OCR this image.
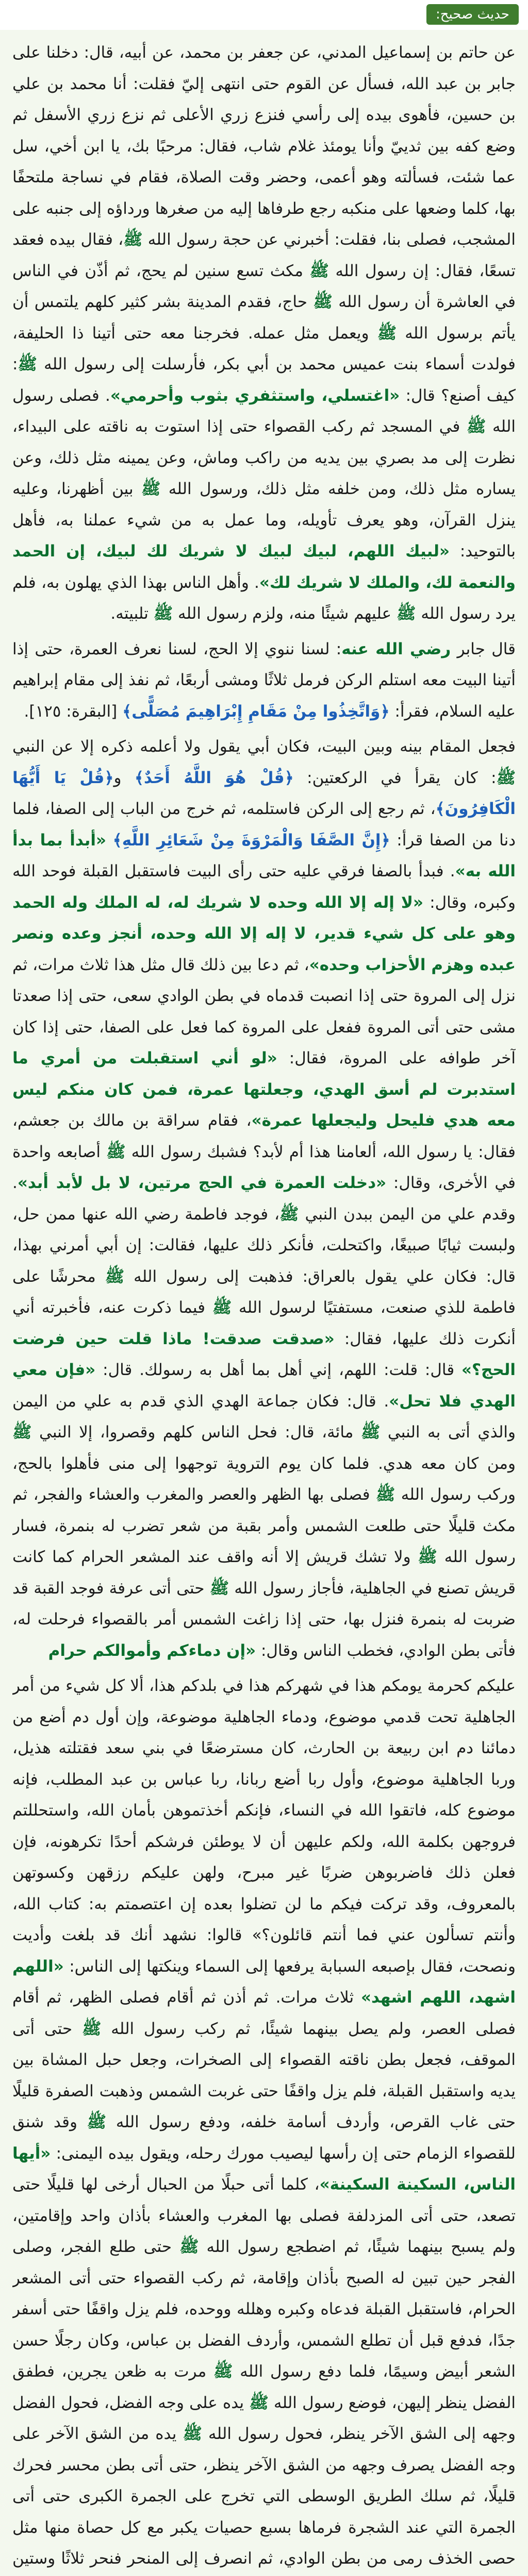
حديث صحيح:

عن حاتم بن إسماعيل المدني، عن جعفر بن محمد، عن أبيه، قال: دخلنا على جابر بن عبد الله، فسأل عن القوم حتى انتهى إليّ فقلت: أنا محمد بن علي بن حسين، فأهوى بيده إلى رأسي فنزع زري الأعلى ثم نزع زري الأسفل ثم وضع كفه بين ثدييّ وأنا يومئذ غلام شاب، فقال: مرحبًا بك، يا ابن أخي، سل عما شئت، فسألته وهو أعمى، وحضر وقت الصلاة، فقام في نساجة ملتحفًا بها، كلما وضعها على منكبه رجع طرفاها إليه من صغرها ورداؤه إلى جنبه على المشجب، فصلى بنا، فقلت: أخبرني عن حجة رسول الله ﷺ، فقال بيده فعقد تسعًا، فقال: إن رسول الله ﷺ مكث تسع سنين لم يحج، ثم أذّن في الناس في العاشرة أن رسول الله ﷺ حاج، فقدم المدينة بشر كثير كلهم يلتمس أن يأتم برسول الله ﷺ ويعمل مثل عمله. فخرجنا معه حتى أتينا ذا الحليفة، فولدت أسماء بنت عميس محمد بن أبي بكر، فأرسلت إلى رسول الله ﷺ: كيف أصنع؟ قال: «اغتسلي، واستثفري بثوب وأحرمي». فصلى رسول الله ﷺ في المسجد ثم ركب القصواء حتى إذا استوت به ناقته على البيداء، نظرت إلى مد بصري بين يديه من راكب وماش، وعن يمينه مثل ذلك، وعن يساره مثل ذلك، ومن خلفه مثل ذلك، ورسول الله ﷺ بين أظهرنا، وعليه ينزل القرآن، وهو يعرف تأويله، وما عمل به من شيء عملنا به، فأهل بالتوحيد: «لبيك اللهم، لبيك لبيك لا شريك لك لبيك، إن الحمد والنعمة لك، والملك لا شريك لك». وأهل الناس بهذا الذي يهلون به، فلم يرد رسول الله ﷺ عليهم شيئًا منه، ولزم رسول الله ﷺ تلبيته.

قال جابر رضي الله عنه: لسنا ننوي إلا الحج، لسنا نعرف العمرة، حتى إذا أتينا البيت معه استلم الركن فرمل ثلاثًا ومشى أربعًا، ثم نفذ إلى مقام إبراهيم عليه السلام، فقرأ: ﴿وَاتَّخِذُوا مِنْ مَقَامِ إِبْرَاهِيمَ مُصَلًّى﴾ [البقرة: ١٢٥].

فجعل المقام بينه وبين البيت، فكان أبي يقول ولا أعلمه ذكره إلا عن النبي ﷺ: كان يقرأ في الركعتين: ﴿قُلْ هُوَ اللَّهُ أَحَدٌ﴾ و﴿قُلْ يَا أَيُّهَا الْكَافِرُونَ﴾، ثم رجع إلى الركن فاستلمه، ثم خرج من الباب إلى الصفا، فلما دنا من الصفا قرأ: ﴿إِنَّ الصَّفَا وَالْمَرْوَةَ مِنْ شَعَائِرِ اللَّهِ﴾ «أبدأ بما بدأ الله به». فبدأ بالصفا فرقي عليه حتى رأى البيت فاستقبل القبلة فوحد الله وكبره، وقال: «لا إله إلا الله وحده لا شريك له، له الملك وله الحمد وهو على كل شيء قدير، لا إله إلا الله وحده، أنجز وعده ونصر عبده وهزم الأحزاب وحده»، ثم دعا بين ذلك قال مثل هذا ثلاث مرات، ثم نزل إلى المروة حتى إذا انصبت قدماه في بطن الوادي سعى، حتى إذا صعدتا مشى حتى أتى المروة ففعل على المروة كما فعل على الصفا، حتى إذا كان آخر طوافه على المروة، فقال: «لو أني استقبلت من أمري ما استدبرت لم أسق الهدي، وجعلتها عمرة، فمن كان منكم ليس معه هدي فليحل وليجعلها عمرة»، فقام سراقة بن مالك بن جعشم، فقال: يا رسول الله، ألعامنا هذا أم لأبد؟ فشبك رسول الله ﷺ أصابعه واحدة في الأخرى، وقال: «دخلت العمرة في الحج مرتين، لا بل لأبد أبد». وقدم علي من اليمن ببدن النبي ﷺ، فوجد فاطمة رضي الله عنها ممن حل، ولبست ثيابًا صبيغًا، واكتحلت، فأنكر ذلك عليها، فقالت: إن أبي أمرني بهذا، قال: فكان علي يقول بالعراق: فذهبت إلى رسول الله ﷺ محرشًا على فاطمة للذي صنعت، مستفتيًا لرسول الله ﷺ فيما ذكرت عنه، فأخبرته أني أنكرت ذلك عليها، فقال: «صدقت صدقت! ماذا قلت حين فرضت الحج؟» قال: قلت: اللهم، إني أهل بما أهل به رسولك. قال: «فإن معي الهدي فلا تحل». قال: فكان جماعة الهدي الذي قدم به علي من اليمن والذي أتى به النبي ﷺ مائة، قال: فحل الناس كلهم وقصروا، إلا النبي ﷺ ومن كان معه هدي. فلما كان يوم التروية توجهوا إلى منى فأهلوا بالحج، وركب رسول الله ﷺ فصلى بها الظهر والعصر والمغرب والعشاء والفجر، ثم مكث قليلًا حتى طلعت الشمس وأمر بقبة من شعر تضرب له بنمرة، فسار رسول الله ﷺ ولا تشك قريش إلا أنه واقف عند المشعر الحرام كما كانت قريش تصنع في الجاهلية، فأجاز رسول الله ﷺ حتى أتى عرفة فوجد القبة قد ضربت له بنمرة فنزل بها، حتى إذا زاغت الشمس أمر بالقصواء فرحلت له، فأتى بطن الوادي، فخطب الناس وقال: «إن دماءكم وأموالكم حرام

عليكم كحرمة يومكم هذا في شهركم هذا في بلدكم هذا، ألا كل شيء من أمر الجاهلية تحت قدمي موضوع، ودماء الجاهلية موضوعة، وإن أول دم أضع من دمائنا دم ابن ربيعة بن الحارث، كان مسترضعًا في بني سعد فقتلته هذيل، وربا الجاهلية موضوع، وأول ربا أضع ربانا، ربا عباس بن عبد المطلب، فإنه موضوع كله، فاتقوا الله في النساء، فإنكم أخذتموهن بأمان الله، واستحللتم فروجهن بكلمة الله، ولكم عليهن أن لا يوطئن فرشكم أحدًا تكرهونه، فإن فعلن ذلك فاضربوهن ضربًا غير مبرح، ولهن عليكم رزقهن وكسوتهن بالمعروف، وقد تركت فيكم ما لن تضلوا بعده إن اعتصمتم به: كتاب الله، وأنتم تسألون عني فما أنتم قائلون؟» قالوا: نشهد أنك قد بلغت وأديت ونصحت، فقال بإصبعه السبابة يرفعها إلى السماء وينكتها إلى الناس: «اللهم اشهد، اللهم اشهد» ثلاث مرات. ثم أذن ثم أقام فصلى الظهر، ثم أقام فصلى العصر، ولم يصل بينهما شيئًا، ثم ركب رسول الله ﷺ حتى أتى الموقف، فجعل بطن ناقته القصواء إلى الصخرات، وجعل حبل المشاة بين يديه واستقبل القبلة، فلم يزل واقفًا حتى غربت الشمس وذهبت الصفرة قليلًا حتى غاب القرص، وأردف أسامة خلفه، ودفع رسول الله ﷺ وقد شنق للقصواء الزمام حتى إن رأسها ليصيب مورك رحله، ويقول بيده اليمنى: «أيها الناس، السكينة السكينة»، كلما أتى حبلًا من الحبال أرخى لها قليلًا حتى تصعد، حتى أتى المزدلفة فصلى بها المغرب والعشاء بأذان واحد وإقامتين، ولم يسبح بينهما شيئًا، ثم اضطجع رسول الله ﷺ حتى طلع الفجر، وصلى الفجر حين تبين له الصبح بأذان وإقامة، ثم ركب القصواء حتى أتى المشعر الحرام، فاستقبل القبلة فدعاه وكبره وهلله ووحده، فلم يزل واقفًا حتى أسفر جدًا، فدفع قبل أن تطلع الشمس، وأردف الفضل بن عباس، وكان رجلًا حسن الشعر أبيض وسيمًا، فلما دفع رسول الله ﷺ مرت به ظعن يجرين، فطفق الفضل ينظر إليهن، فوضع رسول الله ﷺ يده على وجه الفضل، فحول الفضل وجهه إلى الشق الآخر ينظر، فحول رسول الله ﷺ يده من الشق الآخر على وجه الفضل يصرف وجهه من الشق الآخر ينظر، حتى أتى بطن محسر فحرك قليلًا، ثم سلك الطريق الوسطى التي تخرج على الجمرة الكبرى حتى أتى الجمرة التي عند الشجرة فرماها بسبع حصيات يكبر مع كل حصاة منها مثل حصى الخذف رمى من بطن الوادي، ثم انصرف إلى المنحر فنحر ثلاثًا وستين
